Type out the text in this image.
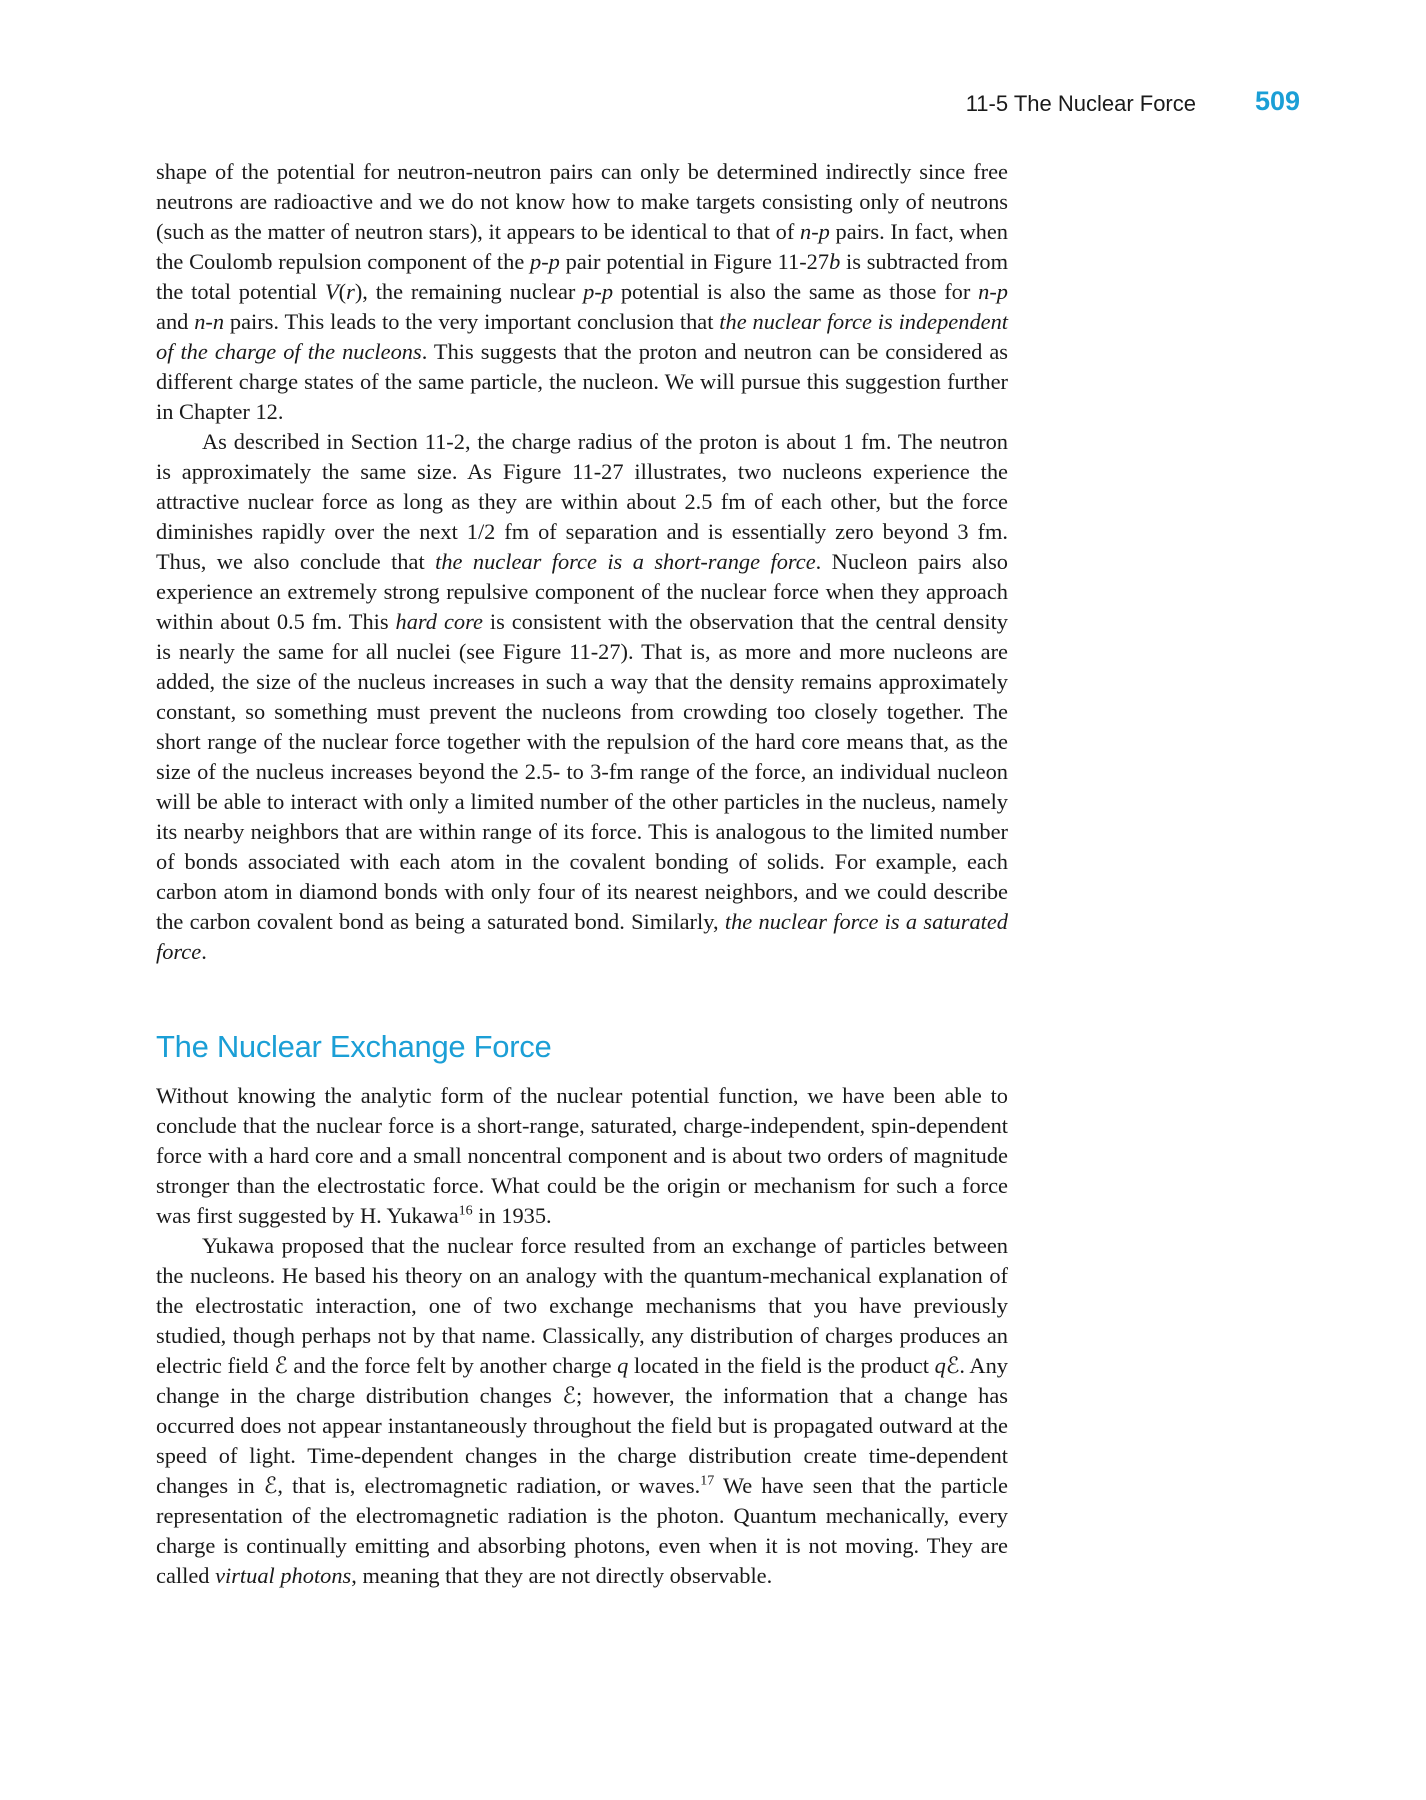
11-5 The Nuclear Force 509

shape of the potential for neutron-neutron pairs can only be determined indirectly since free neutrons are radioactive and we do not know how to make targets consisting only of neutrons (such as the matter of neutron stars), it appears to be identical to that of n-p pairs. In fact, when the Coulomb repulsion component of the p-p pair potential in Figure 11-27b is subtracted from the total potential V(r), the remaining nuclear p-p potential is also the same as those for n-p and n-n pairs. This leads to the very important conclusion that the nuclear force is independent of the charge of the nucleons. This suggests that the proton and neutron can be considered as different charge states of the same particle, the nucleon. We will pursue this suggestion further in Chapter 12.

As described in Section 11-2, the charge radius of the proton is about 1 fm. The neutron is approximately the same size. As Figure 11-27 illustrates, two nucleons experience the attractive nuclear force as long as they are within about 2.5 fm of each other, but the force diminishes rapidly over the next 1/2 fm of separation and is essentially zero beyond 3 fm. Thus, we also conclude that the nuclear force is a short-range force. Nucleon pairs also experience an extremely strong repulsive component of the nuclear force when they approach within about 0.5 fm. This hard core is consistent with the observation that the central density is nearly the same for all nuclei (see Figure 11-27). That is, as more and more nucleons are added, the size of the nucleus increases in such a way that the density remains approximately constant, so something must prevent the nucleons from crowding too closely together. The short range of the nuclear force together with the repulsion of the hard core means that, as the size of the nucleus increases beyond the 2.5- to 3-fm range of the force, an individual nucleon will be able to interact with only a limited number of the other particles in the nucleus, namely its nearby neighbors that are within range of its force. This is analogous to the limited number of bonds associated with each atom in the covalent bonding of solids. For example, each carbon atom in diamond bonds with only four of its nearest neighbors, and we could describe the carbon covalent bond as being a saturated bond. Similarly, the nuclear force is a saturated force.

The Nuclear Exchange Force

Without knowing the analytic form of the nuclear potential function, we have been able to conclude that the nuclear force is a short-range, saturated, charge-independent, spin-dependent force with a hard core and a small noncentral component and is about two orders of magnitude stronger than the electrostatic force. What could be the origin or mechanism for such a force was first suggested by H. Yukawa$^{16}$ in 1935.

Yukawa proposed that the nuclear force resulted from an exchange of particles between the nucleons. He based his theory on an analogy with the quantum-mechanical explanation of the electrostatic interaction, one of two exchange mechanisms that you have previously studied, though perhaps not by that name. Classically, any distribution of charges produces an electric field ℰ and the force felt by another charge q located in the field is the product qℰ. Any change in the charge distribution changes ℰ; however, the information that a change has occurred does not appear instantaneously throughout the field but is propagated outward at the speed of light. Time-dependent changes in the charge distribution create time-dependent changes in ℰ, that is, electromagnetic radiation, or waves.$^{17}$ We have seen that the particle representation of the electromagnetic radiation is the photon. Quantum mechanically, every charge is continually emitting and absorbing photons, even when it is not moving. They are called virtual photons, meaning that they are not directly observable.
